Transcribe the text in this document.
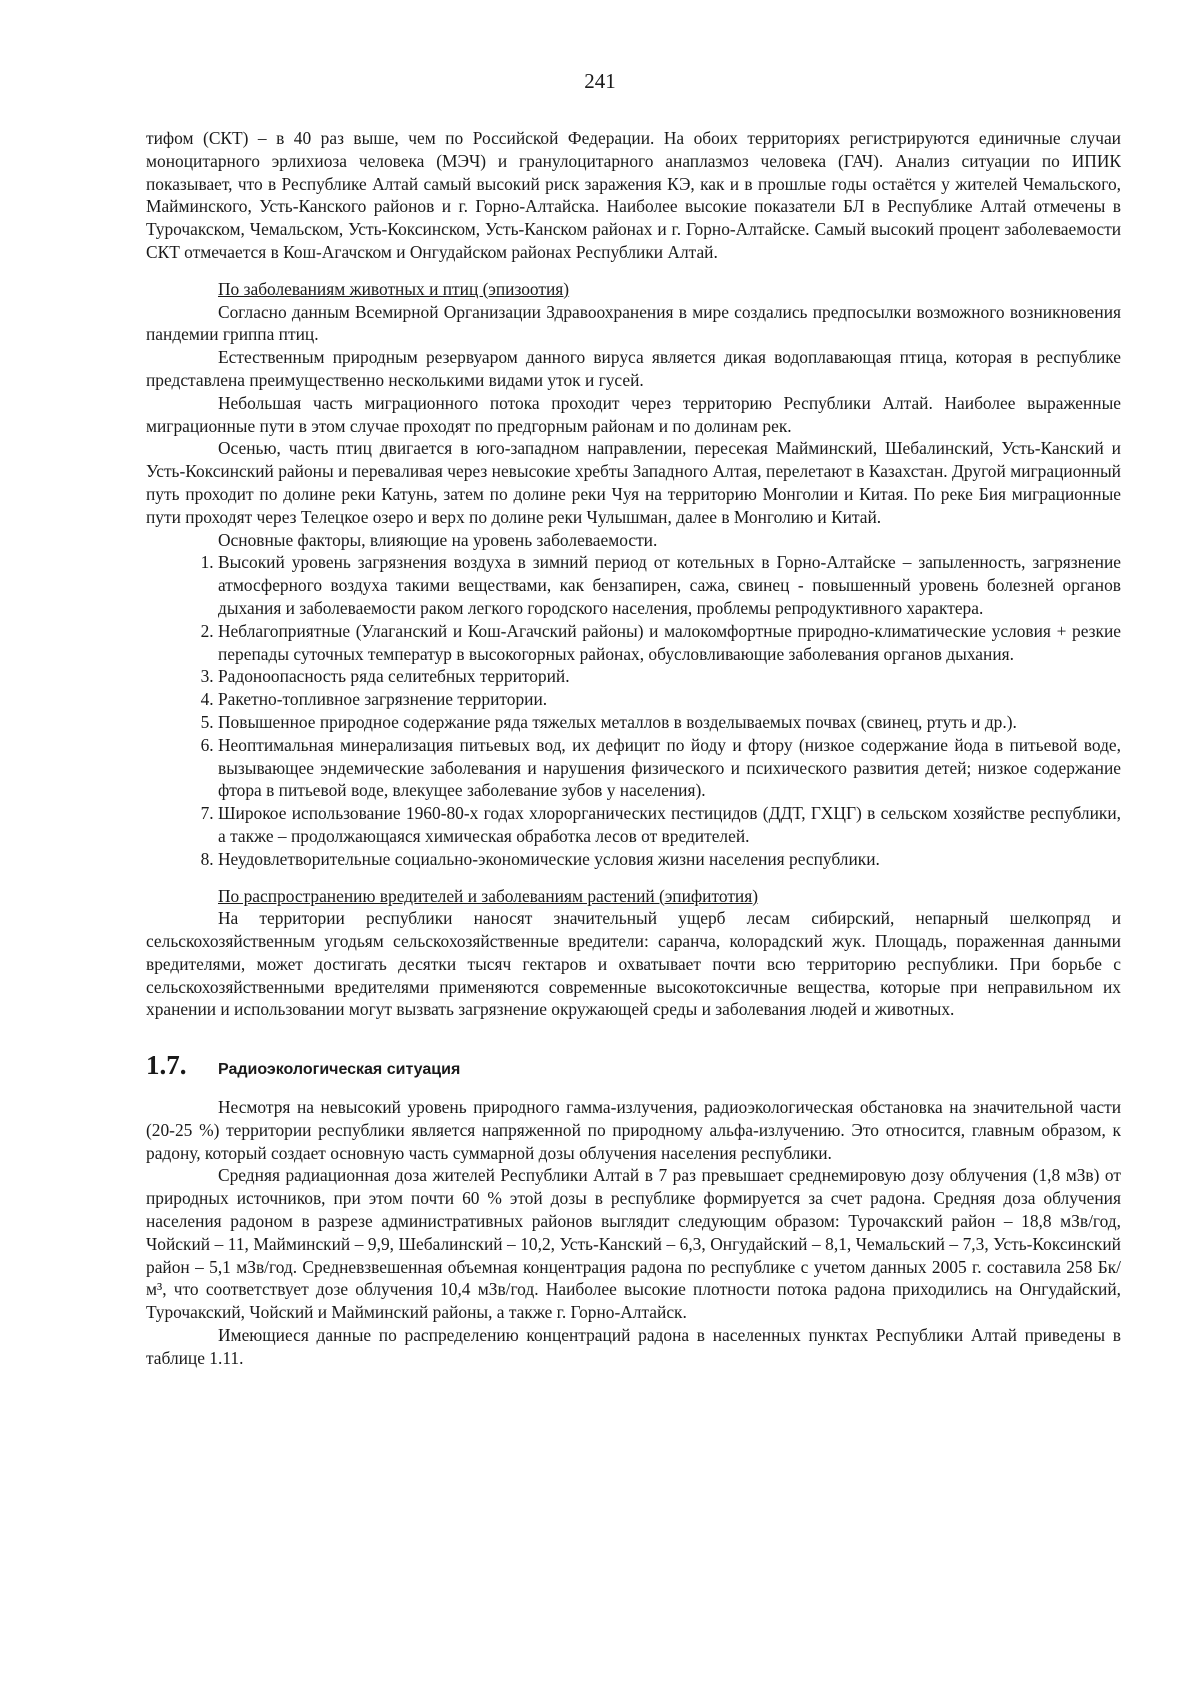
241

тифом (СКТ) – в 40 раз выше, чем по Российской Федерации. На обоих территориях регистрируются единичные случаи моноцитарного эрлихиоза человека (МЭЧ) и гранулоцитарного анаплазмоз человека (ГАЧ). Анализ ситуации по ИПИК показывает, что в Республике Алтай самый высокий риск заражения КЭ, как и в прошлые годы остаётся у жителей Чемальского, Майминского, Усть-Канского районов и г. Горно-Алтайска. Наиболее высокие показатели БЛ в Республике Алтай отмечены в Турочакском, Чемальском, Усть-Коксинском, Усть-Канском районах и г. Горно-Алтайске. Самый высокий процент заболеваемости СКТ отмечается в Кош-Агачском и Онгудайском районах Республики Алтай.

По заболеваниям животных и птиц (эпизоотия)

Согласно данным Всемирной Организации Здравоохранения в мире создались предпосылки возможного возникновения пандемии гриппа птиц.

Естественным природным резервуаром данного вируса является дикая водоплавающая птица, которая в республике представлена преимущественно несколькими видами уток и гусей.

Небольшая часть миграционного потока проходит через территорию Республики Алтай. Наиболее выраженные миграционные пути в этом случае проходят по предгорным районам и по долинам рек.

Осенью, часть птиц двигается в юго-западном направлении, пересекая Майминский, Шебалинский, Усть-Канский и Усть-Коксинский районы и переваливая через невысокие хребты Западного Алтая, перелетают в Казахстан. Другой миграционный путь проходит по долине реки Катунь, затем по долине реки Чуя на территорию Монголии и Китая. По реке Бия миграционные пути проходят через Телецкое озеро и верх по долине реки Чулышман, далее в Монголию и Китай.

Основные факторы, влияющие на уровень заболеваемости.

1. Высокий уровень загрязнения воздуха в зимний период от котельных в Горно-Алтайске – запыленность, загрязнение атмосферного воздуха такими веществами, как бензапирен, сажа, свинец - повышенный уровень болезней органов дыхания и заболеваемости раком легкого городского населения, проблемы репродуктивного характера.
2. Неблагоприятные (Улаганский и Кош-Агачский районы) и малокомфортные природно-климатические условия + резкие перепады суточных температур в высокогорных районах, обусловливающие заболевания органов дыхания.
3. Радоноопасность ряда селитебных территорий.
4. Ракетно-топливное загрязнение территории.
5. Повышенное природное содержание ряда тяжелых металлов в возделываемых почвах (свинец, ртуть и др.).
6. Неоптимальная минерализация питьевых вод, их дефицит по йоду и фтору (низкое содержание йода в питьевой воде, вызывающее эндемические заболевания и нарушения физического и психического развития детей; низкое содержание фтора в питьевой воде, влекущее заболевание зубов у населения).
7. Широкое использование 1960-80-х годах хлорорганических пестицидов (ДДТ, ГХЦГ) в сельском хозяйстве республики, а также – продолжающаяся химическая обработка лесов от вредителей.
8. Неудовлетворительные социально-экономические условия жизни населения республики.

По распространению вредителей и заболеваниям растений (эпифитотия)

На территории республики наносят значительный ущерб лесам сибирский, непарный шелкопряд и сельскохозяйственным угодьям сельскохозяйственные вредители: саранча, колорадский жук. Площадь, пораженная данными вредителями, может достигать десятки тысяч гектаров и охватывает почти всю территорию республики. При борьбе с сельскохозяйственными вредителями применяются современные высокотоксичные вещества, которые при неправильном их хранении и использовании могут вызвать загрязнение окружающей среды и заболевания людей и животных.

1.7.	Радиоэкологическая ситуация

Несмотря на невысокий уровень природного гамма-излучения, радиоэкологическая обстановка на значительной части (20-25 %) территории республики является напряженной по природному альфа-излучению. Это относится, главным образом, к радону, который создает основную часть суммарной дозы облучения населения республики.

Средняя радиационная доза жителей Республики Алтай в 7 раз превышает среднемировую дозу облучения (1,8 мЗв) от природных источников, при этом почти 60 % этой дозы в республике формируется за счет радона. Средняя доза облучения населения радоном в разрезе административных районов выглядит следующим образом: Турочакский район – 18,8 мЗв/год, Чойский – 11, Майминский – 9,9, Шебалинский – 10,2, Усть-Канский – 6,3, Онгудайский – 8,1, Чемальский – 7,3, Усть-Коксинский район – 5,1 мЗв/год. Средневзвешенная объемная концентрация радона по республике с учетом данных 2005 г. составила 258 Бк/м³, что соответствует дозе облучения 10,4 мЗв/год. Наиболее высокие плотности потока радона приходились на Онгудайский, Турочакский, Чойский и Майминский районы, а также г. Горно-Алтайск.

Имеющиеся данные по распределению концентраций радона в населенных пунктах Республики Алтай приведены в таблице 1.11.
